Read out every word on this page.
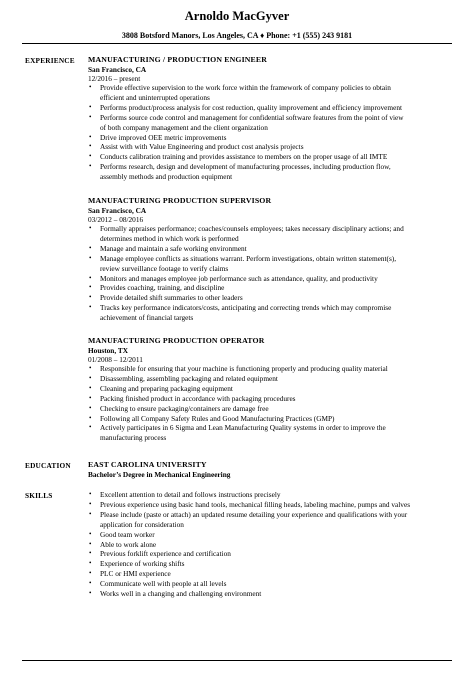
Arnoldo MacGyver
3808 Botsford Manors, Los Angeles, CA ♦ Phone: +1 (555) 243 9181
EXPERIENCE MANUFACTURING / PRODUCTION ENGINEER
San Francisco, CA
12/2016 – present
• Provide effective supervision to the work force within the framework of company policies to obtain
efficient and uninterrupted operations
• Performs product/process analysis for cost reduction, quality improvement and efficiency improvement
• Performs source code control and management for confidential software features from the point of view
of both company management and the client organization
• Drive improved OEE metric improvements
• Assist with with Value Engineering and product cost analysis projects
• Conducts calibration training and provides assistance to members on the proper usage of all IMTE
• Performs research, design and development of manufacturing processes, including production flow,
assembly methods and production equipment
MANUFACTURING PRODUCTION SUPERVISOR
San Francisco, CA
03/2012 – 08/2016
• Formally appraises performance; coaches/counsels employees; takes necessary disciplinary actions; and
determines method in which work is performed
• Manage and maintain a safe working environment
• Manage employee conflicts as situations warrant. Perform investigations, obtain written statement(s),
review surveillance footage to verify claims
• Monitors and manages employee job performance such as attendance, quality, and productivity
• Provides coaching, training, and discipline
• Provide detailed shift summaries to other leaders
• Tracks key performance indicators/costs, anticipating and correcting trends which may compromise
achievement of financial targets
MANUFACTURING PRODUCTION OPERATOR
Houston, TX
01/2008 – 12/2011
• Responsible for ensuring that your machine is functioning properly and producing quality material
• Disassembling, assembling packaging and related equipment
• Cleaning and preparing packaging equipment
• Packing finished product in accordance with packaging procedures
• Checking to ensure packaging/containers are damage free
• Following all Company Safety Rules and Good Manufacturing Practices (GMP)
• Actively participates in 6 Sigma and Lean Manufacturing Quality systems in order to improve the
manufacturing process
EDUCATION EAST CAROLINA UNIVERSITY
Bachelor’s Degree in Mechanical Engineering
SKILLS	• Excellent attention to detail and follows instructions precisely
• Previous experience using basic hand tools, mechanical filling heads, labeling machine, pumps and valves
• Please include (paste or attach) an updated resume detailing your experience and qualifications with your
application for consideration
• Good team worker
• Able to work alone
• Previous forklift experience and certification
• Experience of working shifts
• PLC or HMI experience
• Communicate well with people at all levels
• Works well in a changing and challenging environment
